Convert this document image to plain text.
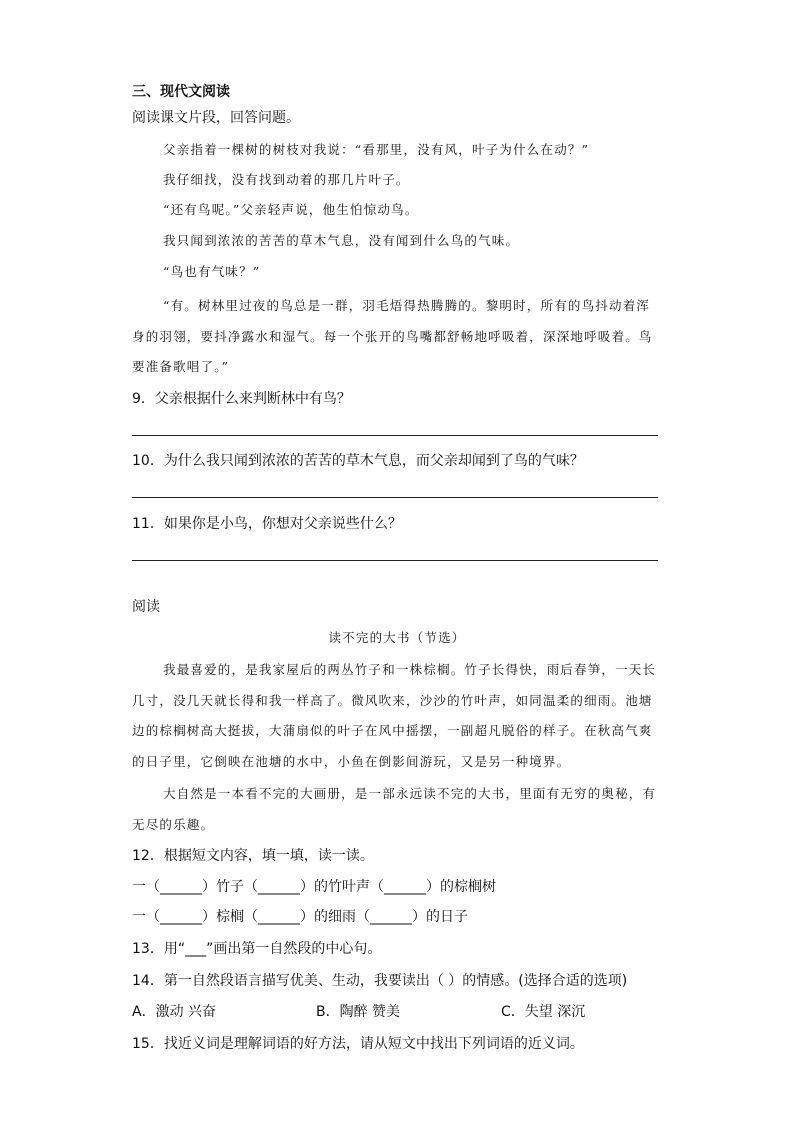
三、现代文阅读
阅读课文片段，回答问题。
父亲指着一棵树的树枝对我说：“看那里，没有风，叶子为什么在动？”
我仔细找，没有找到动着的那几片叶子。
“还有鸟呢。”父亲轻声说，他生怕惊动鸟。
我只闻到浓浓的苦苦的草木气息，没有闻到什么鸟的气味。
“鸟也有气味？”
“有。树林里过夜的鸟总是一群，羽毛焐得热腾腾的。黎明时，所有的鸟抖动着浑
身的羽翎，要抖净露水和湿气。每一个张开的鸟嘴都舒畅地呼吸着，深深地呼吸着。鸟
要准备歌唱了。”
9．父亲根据什么来判断林中有鸟？
10．为什么我只闻到浓浓的苦苦的草木气息，而父亲却闻到了鸟的气味？
11．如果你是小鸟，你想对父亲说些什么？
阅读
读不完的大书（节选）
我最喜爱的，是我家屋后的两丛竹子和一株棕榈。竹子长得快，雨后春笋，一天长
几寸，没几天就长得和我一样高了。微风吹来，沙沙的竹叶声，如同温柔的细雨。池塘
边的棕榈树高大挺拔，大蒲扇似的叶子在风中摇摆，一副超凡脱俗的样子。在秋高气爽
的日子里，它倒映在池塘的水中，小鱼在倒影间游玩，又是另一种境界。
大自然是一本看不完的大画册，是一部永远读不完的大书，里面有无穷的奥秘，有
无尽的乐趣。
12．根据短文内容，填一填，读一读。
一（______）竹子（______）的竹叶声（______）的棕榈树
一（______）棕榈（______）的细雨（______）的日子
13．用“___”画出第一自然段的中心句。
14．第一自然段语言描写优美、生动，我要读出（ ）的情感。(选择合适的选项)
A．激动 兴奋	B．陶醉 赞美	C．失望 深沉
15．找近义词是理解词语的好方法，请从短文中找出下列词语的近义词。
